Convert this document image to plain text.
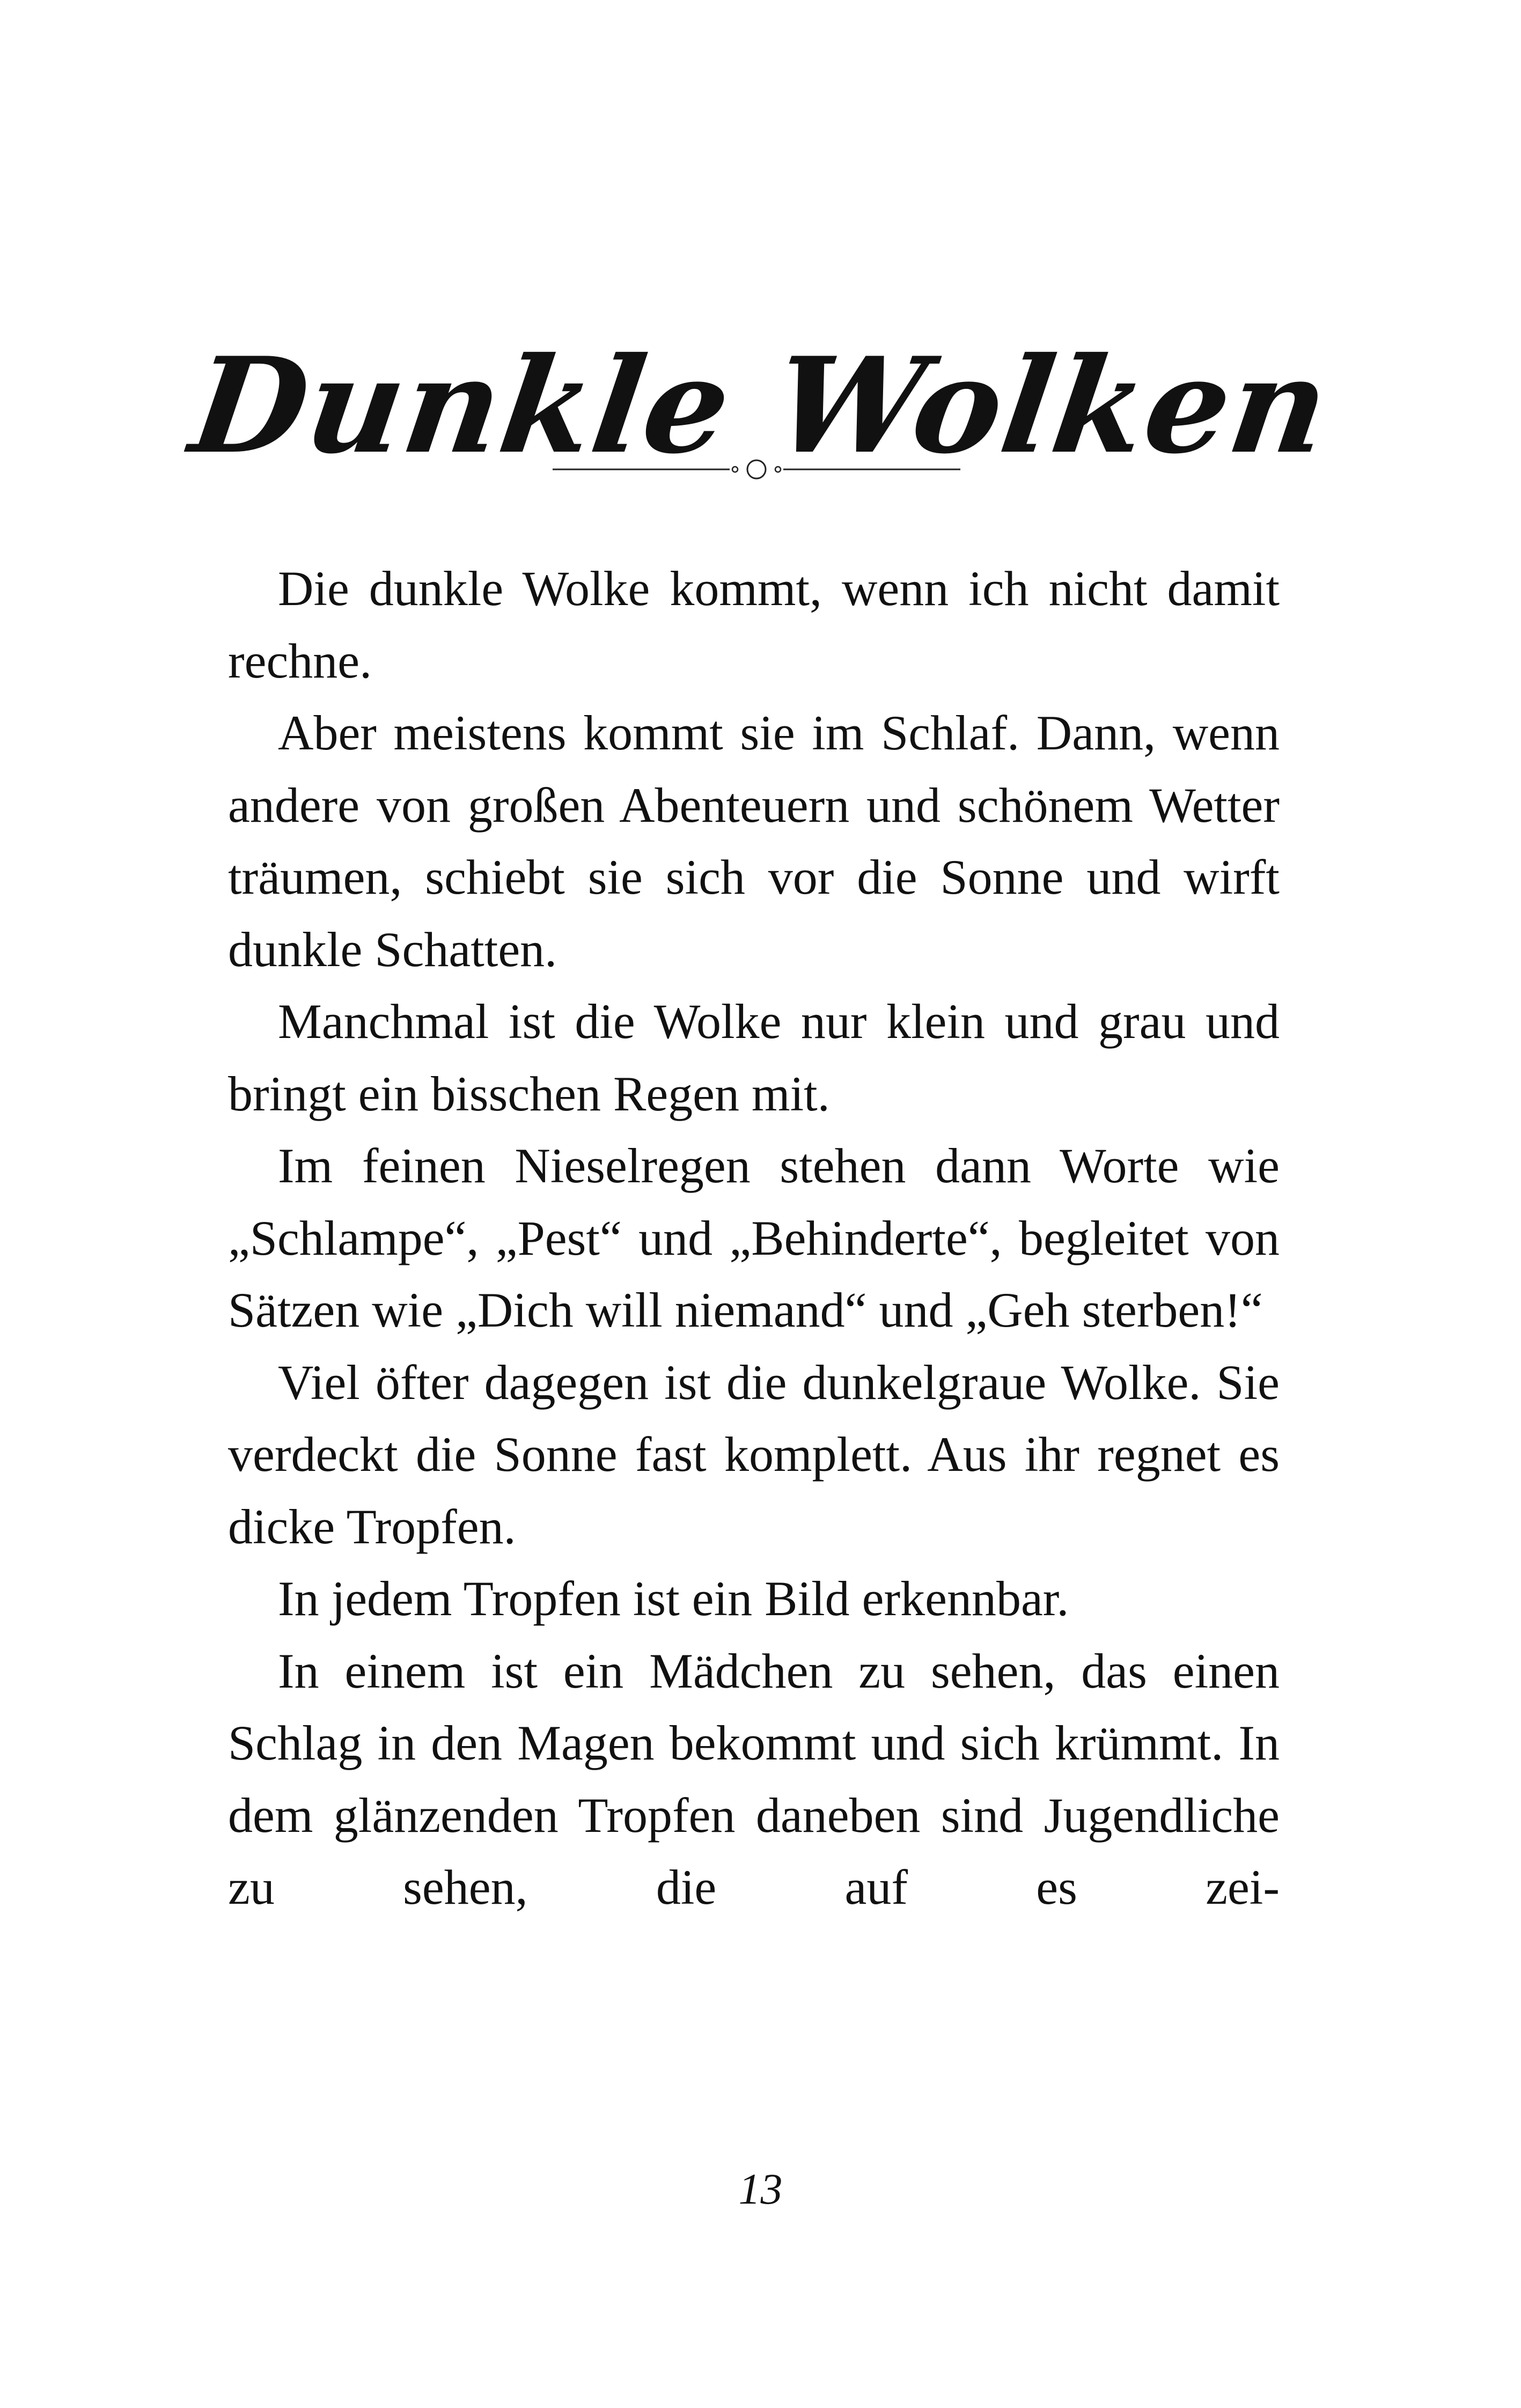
Dunkle Wolken

Die dunkle Wolke kommt, wenn ich nicht damit rechne.

Aber meistens kommt sie im Schlaf. Dann, wenn andere von großen Abenteuern und schönem Wetter träumen, schiebt sie sich vor die Sonne und wirft dunkle Schatten.

Manchmal ist die Wolke nur klein und grau und bringt ein bisschen Regen mit.

Im feinen Nieselregen stehen dann Worte wie „Schlampe“, „Pest“ und „Behinderte“, begleitet von Sätzen wie „Dich will niemand“ und „Geh sterben!“

Viel öfter dagegen ist die dunkelgraue Wolke. Sie verdeckt die Sonne fast komplett. Aus ihr regnet es dicke Tropfen.

In jedem Tropfen ist ein Bild erkennbar.

In einem ist ein Mädchen zu sehen, das einen Schlag in den Magen bekommt und sich krümmt. In dem glänzenden Tropfen daneben sind Jugendliche zu sehen, die auf es zei-

13
